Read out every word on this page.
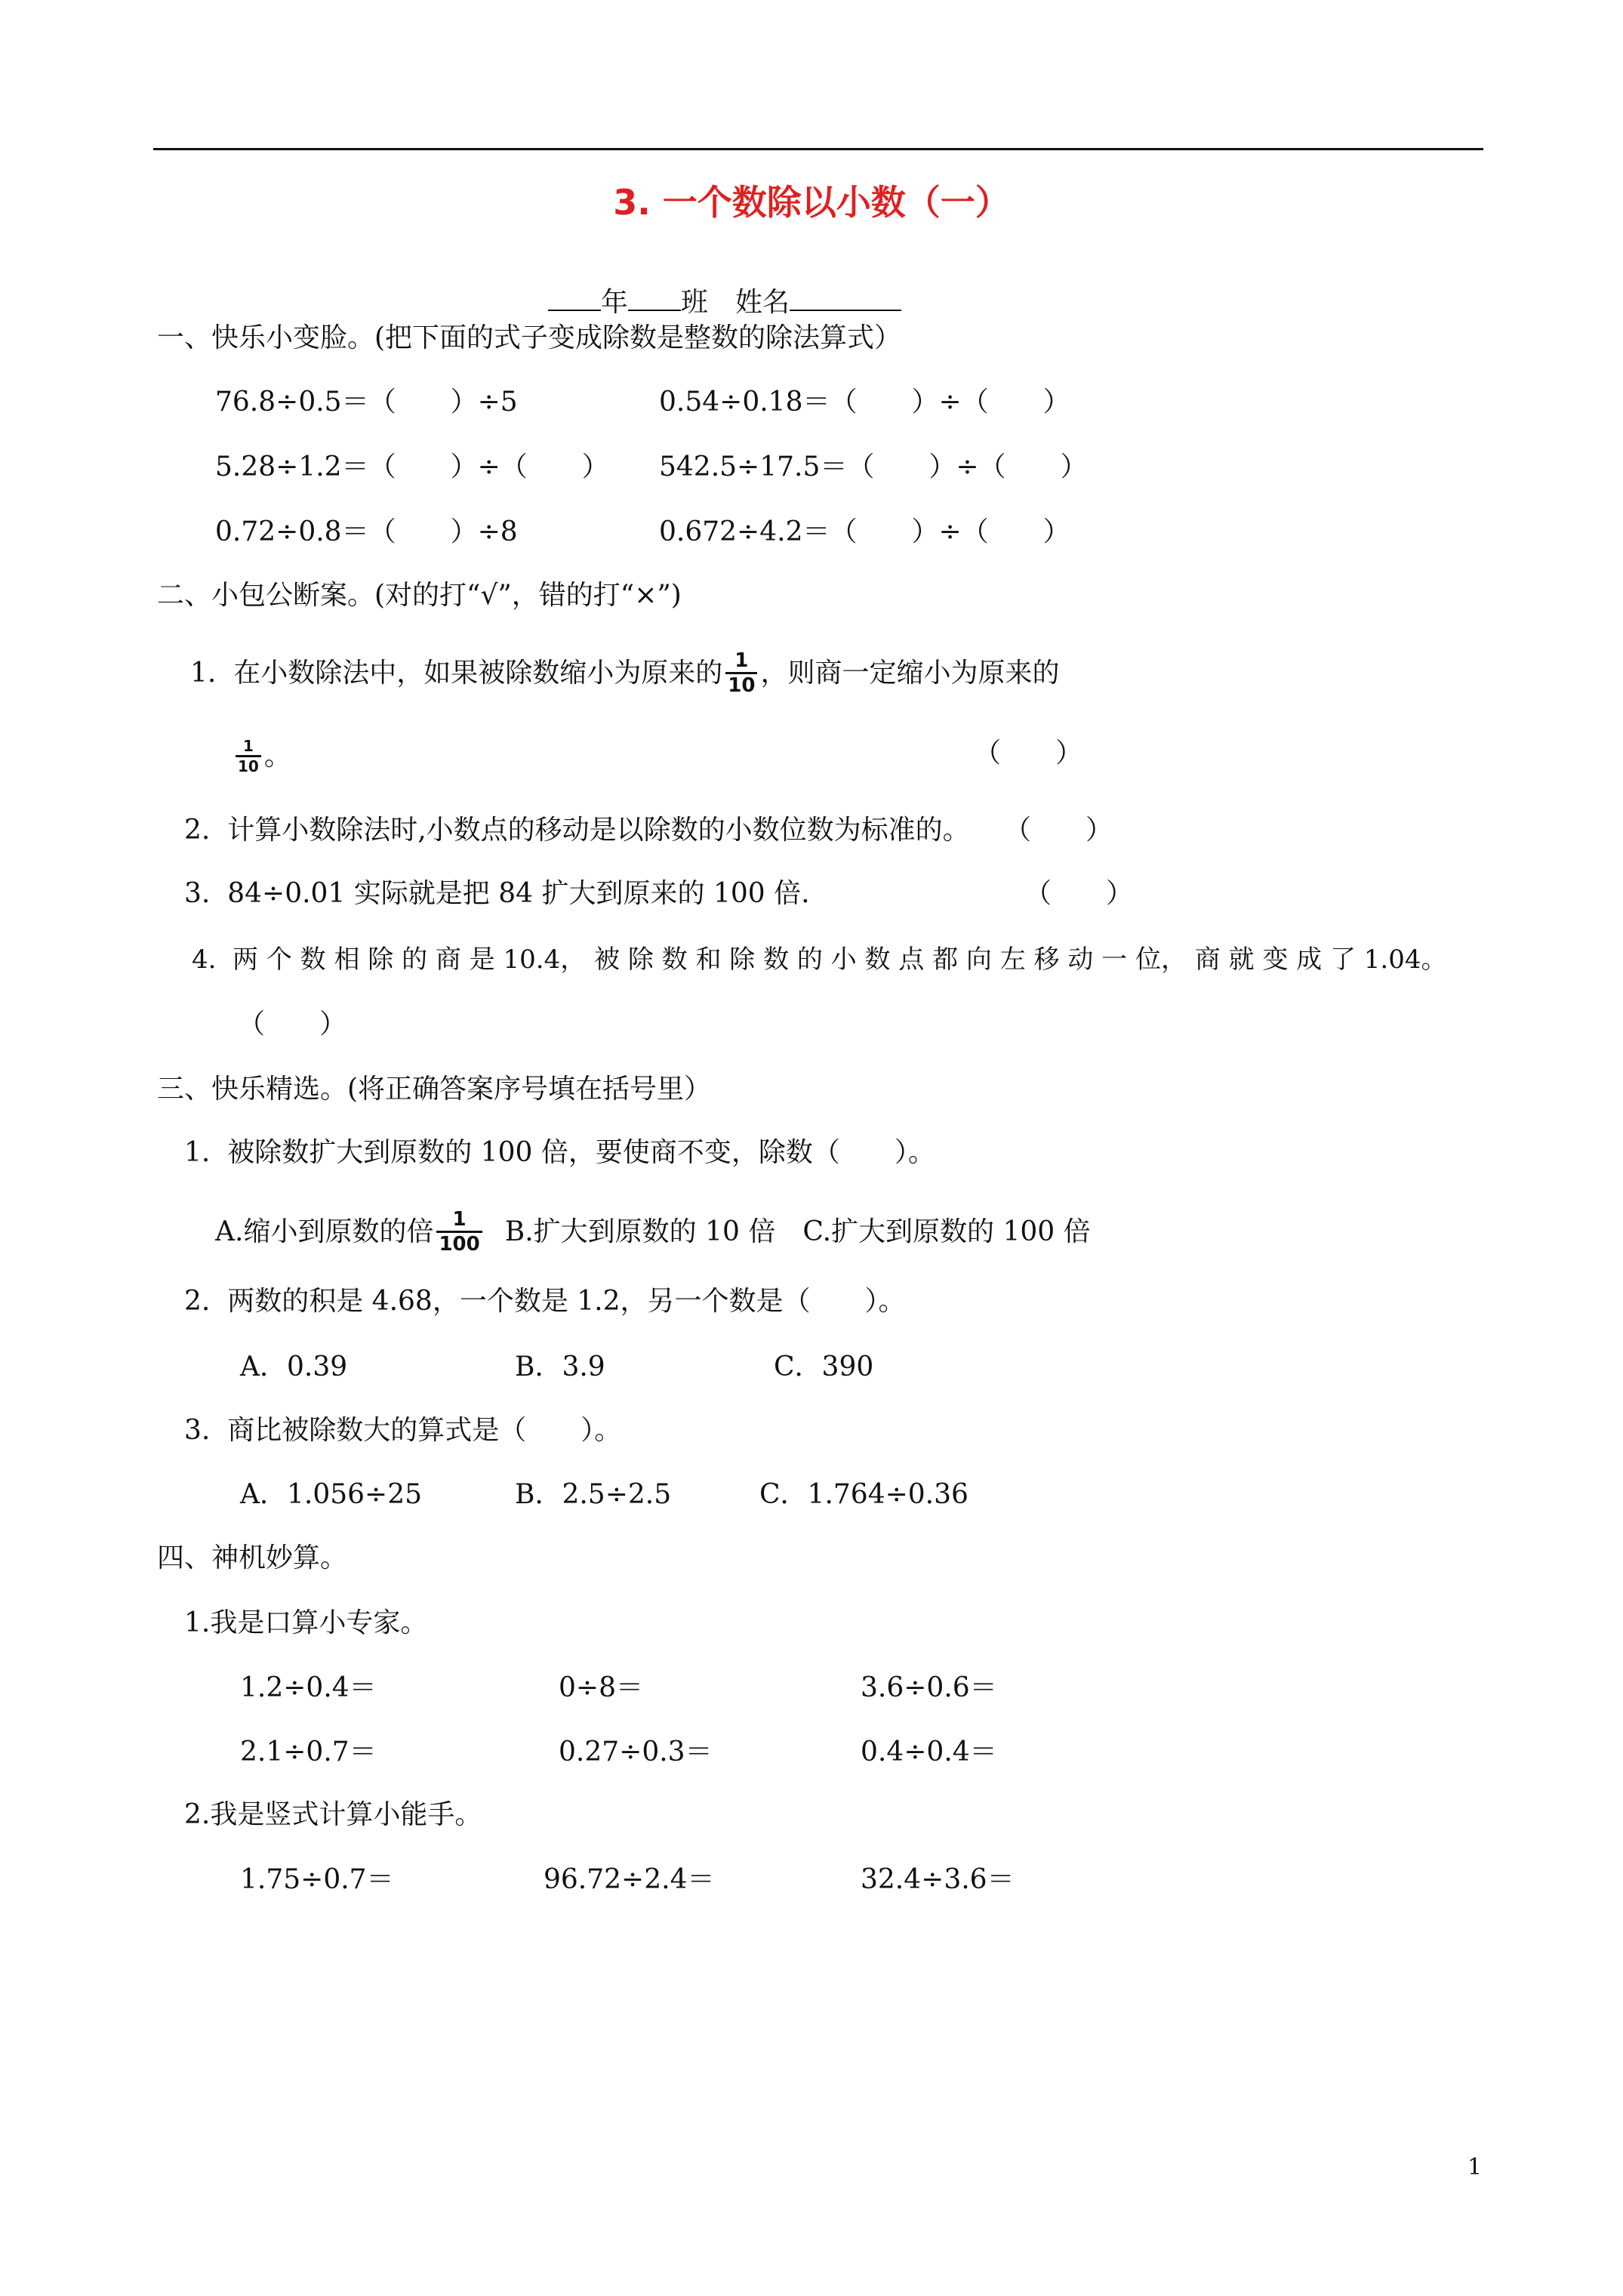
3. 一个数除以小数（一）

年 班　 姓名

一、快乐小变脸。(把下面的式子变成除数是整数的除法算式）
76.8÷0.5＝（　　）÷5	0.54÷0.18＝（　　）÷（　　）
5.28÷1.2＝（　　）÷（　　） 542.5÷17.5＝（　　）÷（　　）
0.72÷0.8＝（　　）÷8	0.672÷4.2＝（　　）÷（　　）
二、小包公断案。(对的打“√”，错的打“×”)
1.  在小数除法中，如果被除数缩小为原来的 $\frac{1}{10}$ ，则商一定缩小为原来的
$\frac{1}{10}$ 。	（　　）
2.  计算小数除法时,小数点的移动是以除数的小数位数为标准的。 （　　）
3.  84÷0.01 实际就是把 84 扩大到原来的 100 倍.	（　　）
4.  两 个 数 相 除 的 商 是 10.4， 被 除 数 和 除 数 的 小 数 点 都 向 左 移 动 一 位， 商 就 变 成 了 1.04。
（　　）
三、快乐精选。(将正确答案序号填在括号里）
1.  被除数扩大到原数的 100 倍，要使商不变，除数（　　）。
A.缩小到原数的倍 $\frac{1}{100} B$.扩大到原数的 10 倍 C.扩大到原数的 100 倍
2.  两数的积是 4.68，一个数是 1.2，另一个数是（　　）。
A．0.39	B．3.9	C．390
3.  商比被除数大的算式是（　　）。
A．1.056÷25	B．2.5÷2.5	C．1.764÷0.36
四、神机妙算。
1.我是口算小专家。
1.2÷0.4＝	0÷8＝	3.6÷0.6＝
2.1÷0.7＝	0.27÷0.3＝	0.4÷0.4＝
2.我是竖式计算小能手。
1.75÷0.7＝	96.72÷2.4＝	32.4÷3.6＝
1
